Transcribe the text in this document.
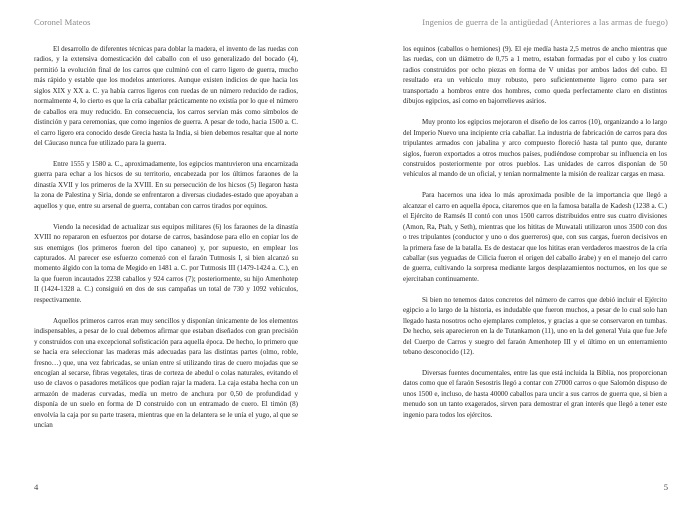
Coronel Mateos

El desarrollo de diferentes técnicas para doblar la madera, el invento de las ruedas con radios, y la extensiva domesticación del caballo con el uso generalizado del bocado (4), permitió la evolución final de los carros que culminó con el carro ligero de guerra, mucho más rápido y estable que los modelos anteriores. Aunque existen indicios de que hacia los siglos XIX y XX a. C. ya había carros ligeros con ruedas de un número reducido de radios, normalmente 4, lo cierto es que la cría caballar prácticamente no existía por lo que el número de caballos era muy reducido. En consecuencia, los carros servían más como símbolos de distinción y para ceremonias, que como ingenios de guerra. A pesar de todo, hacia 1500 a. C. el carro ligero era conocido desde Grecia hasta la India, si bien debemos resaltar que al norte del Cáucaso nunca fue utilizado para la guerra.

Entre 1555 y 1580 a. C., aproximadamente, los egipcios mantuvieron una encarnizada guerra para echar a los hicsos de su territorio, encabezada por los últimos faraones de la dinastía XVII y los primeros de la XVIII. En su persecución de los hicsos (5) llegaron hasta la zona de Palestina y Siria, donde se enfrentaron a diversas ciudades-estado que apoyaban a aquellos y que, entre su arsenal de guerra, contaban con carros tirados por equinos.

Viendo la necesidad de actualizar sus equipos militares (6) los faraones de la dinastía XVIII no repararon en esfuerzos por dotarse de carros, basándose para ello en copiar los de sus enemigos (los primeros fueron del tipo cananeo) y, por supuesto, en emplear los capturados. Al parecer ese esfuerzo comenzó con el faraón Tutmosis I, si bien alcanzó su momento álgido con la toma de Megido en 1481 a. C. por Tutmosis III (1479-1424 a. C.), en la que fueron incautados 2238 caballos y 924 carros (7); posteriormente, su hijo Amenhotep II (1424-1328 a. C.) consiguió en dos de sus campañas un total de 730 y 1092 vehículos, respectivamente.

Aquellos primeros carros eran muy sencillos y disponían únicamente de los elementos indispensables, a pesar de lo cual debemos afirmar que estaban diseñados con gran precisión y construidos con una excepcional sofisticación para aquella época. De hecho, lo primero que se hacía era seleccionar las maderas más adecuadas para las distintas partes (olmo, roble, fresno…) que, una vez fabricadas, se unían entre sí utilizando tiras de cuero mojadas que se encogían al secarse, fibras vegetales, tiras de corteza de abedul o colas naturales, evitando el uso de clavos o pasadores metálicos que podían rajar la madera. La caja estaba hecha con un armazón de maderas curvadas, medía un metro de anchura por 0,50 de profundidad y disponía de un suelo en forma de D construido con un entramado de cuero. El timón (8) envolvía la caja por su parte trasera, mientras que en la delantera se le unía el yugo, al que se uncían

4
Ingenios de guerra de la antigüedad (Anteriores a las armas de fuego)

los equinos (caballos o hemiones) (9). El eje medía hasta 2,5 metros de ancho mientras que las ruedas, con un diámetro de 0,75 a 1 metro, estaban formadas por el cubo y los cuatro radios construidos por ocho piezas en forma de V unidas por ambos lados del cubo. El resultado era un vehículo muy robusto, pero suficientemente ligero como para ser transportado a hombros entre dos hombres, como queda perfectamente claro en distintos dibujos egipcios, así como en bajorrelieves asirios.

Muy pronto los egipcios mejoraron el diseño de los carros (10), organizando a lo largo del Imperio Nuevo una incipiente cría caballar. La industria de fabricación de carros para dos tripulantes armados con jabalina y arco compuesto floreció hasta tal punto que, durante siglos, fueron exportados a otros muchos países, pudiéndose comprobar su influencia en los construidos posteriormente por otros pueblos. Las unidades de carros disponían de 50 vehículos al mando de un oficial, y tenían normalmente la misión de realizar cargas en masa.

Para hacernos una idea lo más aproximada posible de la importancia que llegó a alcanzar el carro en aquella época, citaremos que en la famosa batalla de Kadesh (1238 a. C.) el Ejército de Ramsés II contó con unos 1500 carros distribuidos entre sus cuatro divisiones (Amon, Ra, Ptah, y Seth), mientras que los hititas de Muwatali utilizaron unos 3500 con dos o tres tripulantes (conductor y uno o dos guerreros) que, con sus cargas, fueron decisivos en la primera fase de la batalla. Es de destacar que los hititas eran verdaderos maestros de la cría caballar (sus yeguadas de Cilicia fueron el origen del caballo árabe) y en el manejo del carro de guerra, cultivando la sorpresa mediante largos desplazamientos nocturnos, en los que se ejercitaban continuamente.

Si bien no tenemos datos concretos del número de carros que debió incluir el Ejército egipcio a lo largo de la historia, es indudable que fueron muchos, a pesar de lo cual solo han llegado hasta nosotros ocho ejemplares completos, y gracias a que se conservaron en tumbas. De hecho, seis aparecieron en la de Tutankamon (11), uno en la del general Yuia que fue Jefe del Cuerpo de Carros y suegro del faraón Amenhotep III y el último en un enterramiento tebano desconocido (12).

Diversas fuentes documentales, entre las que está incluida la Biblia, nos proporcionan datos como que el faraón Sesostris llegó a contar con 27000 carros o que Salomón dispuso de unos 1500 e, incluso, de hasta 40000 caballos para uncir a sus carros de guerra que, si bien a menudo son un tanto exagerados, sirven para demostrar el gran interés que llegó a tener este ingenio para todos los ejércitos.

5
